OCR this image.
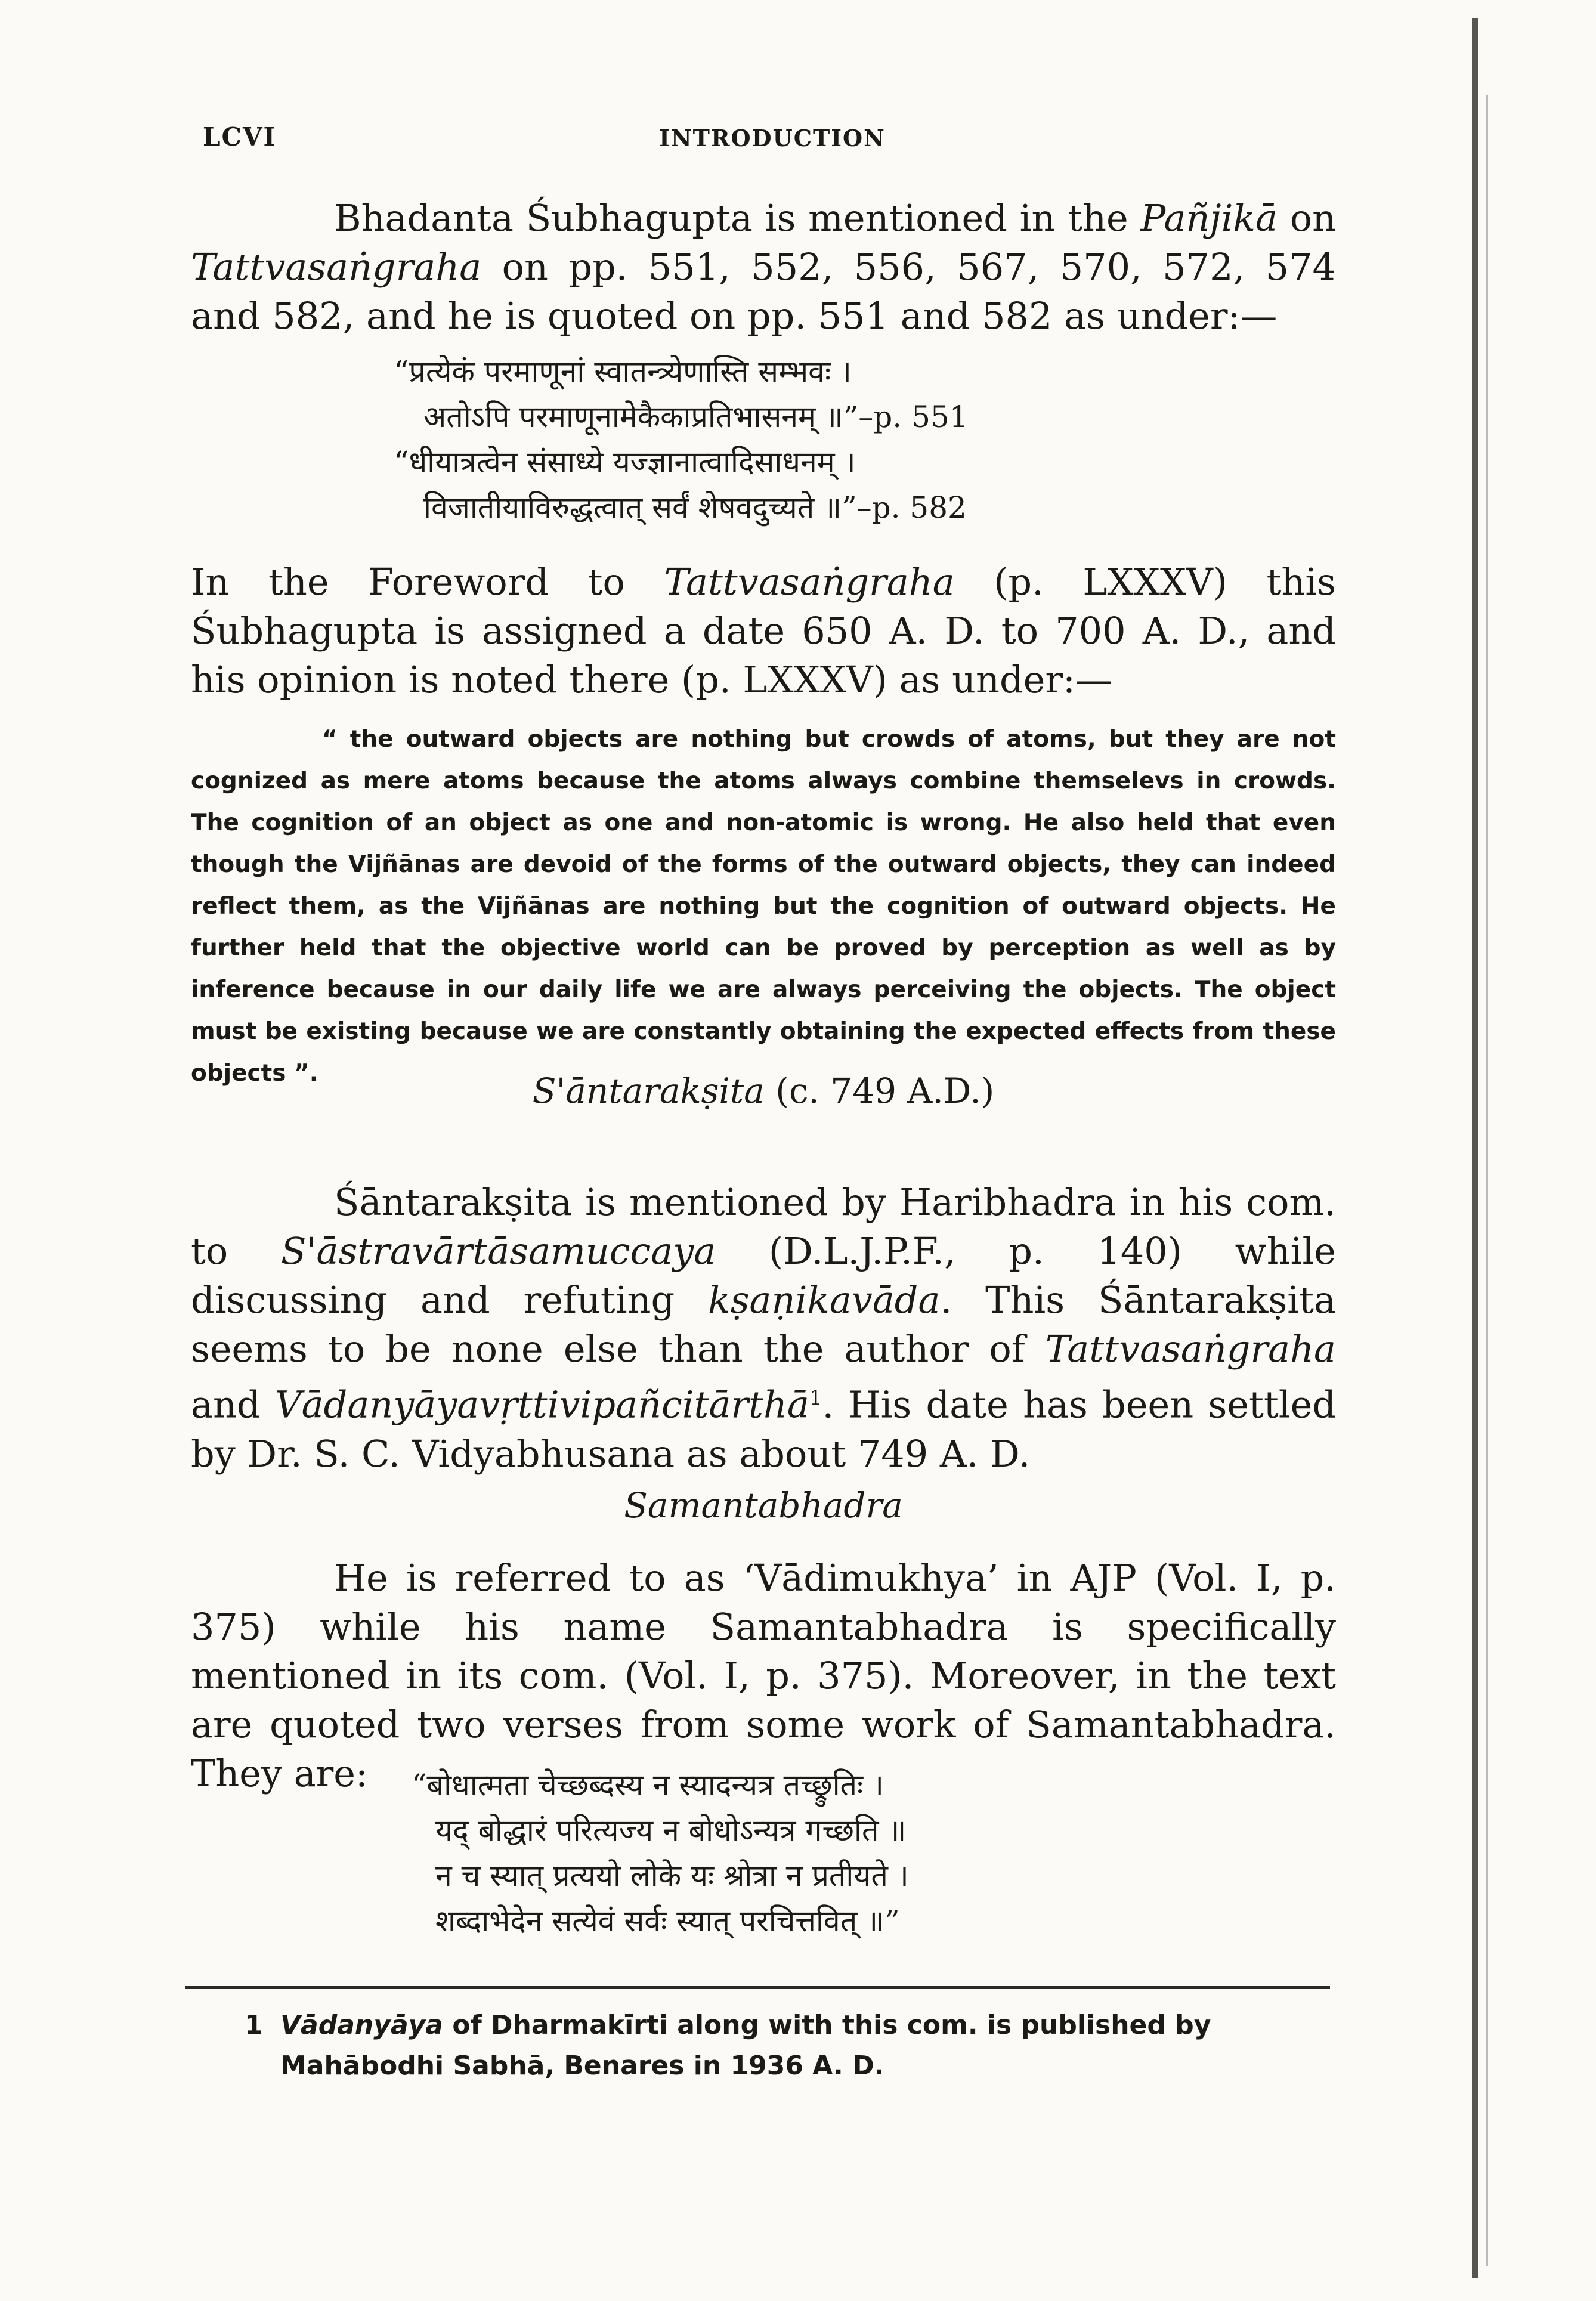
LCVI	INTRODUCTION

Bhadanta Śubhagupta is mentioned in the Pañjikā on Tattvasaṅgraha on pp. 551, 552, 556, 567, 570, 572, 574 and 582, and he is quoted on pp. 551 and 582 as under:—

“प्रत्येकं परमाणूनां स्वातन्त्र्येणास्ति सम्भवः ।

अतोऽपि परमाणूनामेकैकाप्रतिभासनम् ॥”–p. 551

“धीयात्रत्वेन संसाध्ये यज्ज्ञानात्वादिसाधनम् ।

विजातीयाविरुद्धत्वात् सर्वं शेषवदुच्यते ॥”–p. 582

In the Foreword to Tattvasaṅgraha (p. LXXXV) this Śubhagupta is assigned a date 650 A. D. to 700 A. D., and his opinion is noted there (p. LXXXV) as under:—

“ the outward objects are nothing but crowds of atoms, but they are not cognized as mere atoms because the atoms always combine themselevs in crowds. The cognition of an object as one and non-atomic is wrong. He also held that even though the Vijñānas are devoid of the forms of the outward objects, they can indeed reflect them, as the Vijñānas are nothing but the cognition of outward objects. He further held that the objective world can be proved by perception as well as by inference because in our daily life we are always perceiving the objects. The object must be existing because we are constantly obtaining the expected effects from these objects ”.	S'āntarakṣita (c. 749 A.D.)

Śāntarakṣita is mentioned by Haribhadra in his com. to S'āstravārtāsamuccaya (D.L.J.P.F., p. 140) while discussing and refuting kṣaṇikavāda. This Śāntarakṣita seems to be none else than the author of Tattvasaṅgraha and Vādanyāyavṛttivipañcitārthā$^1$. His date has been settled by Dr. S. C. Vidyabhusana as about 749 A. D.

Samantabhadra

He is referred to as ‘Vādimukhya’ in AJP (Vol. I, p. 375) while his name Samantabhadra is specifically mentioned in its com. (Vol. I, p. 375). Moreover, in the text are quoted two verses from some work of Samantabhadra. They are:	“बोधात्मता चेच्छब्दस्य न स्यादन्यत्र तच्छ्रुतिः ।

यद् बोद्धारं परित्यज्य न बोधोऽन्यत्र गच्छति ॥

न च स्यात् प्रत्ययो लोके यः श्रोत्रा न प्रतीयते ।

शब्दाभेदेन सत्येवं सर्वः स्यात् परचित्तवित् ॥”

1 Vādanyāya of Dharmakīrti along with this com. is published by Mahābodhi Sabhā, Benares in 1936 A. D.
